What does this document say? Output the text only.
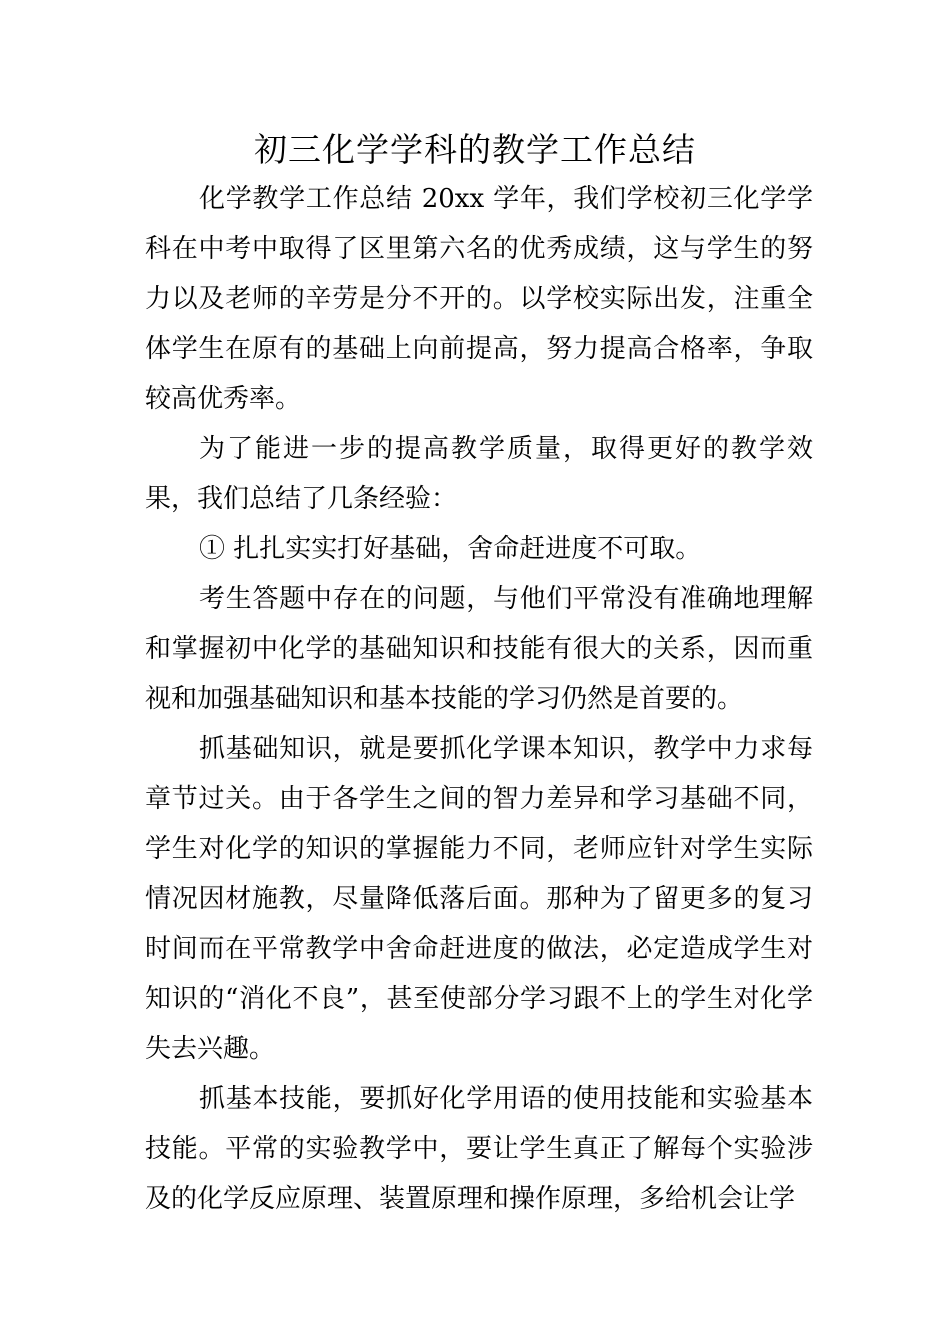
初三化学学科的教学工作总结

化学教学工作总结 20xx 学年，我们学校初三化学学科在中考中取得了区里第六名的优秀成绩，这与学生的努力以及老师的辛劳是分不开的。以学校实际出发，注重全体学生在原有的基础上向前提高，努力提高合格率，争取较高优秀率。

为了能进一步的提高教学质量，取得更好的教学效果，我们总结了几条经验：

① 扎扎实实打好基础，舍命赶进度不可取。

考生答题中存在的问题，与他们平常没有准确地理解和掌握初中化学的基础知识和技能有很大的关系，因而重视和加强基础知识和基本技能的学习仍然是首要的。

抓基础知识，就是要抓化学课本知识，教学中力求每章节过关。由于各学生之间的智力差异和学习基础不同，学生对化学的知识的掌握能力不同，老师应针对学生实际情况因材施教，尽量降低落后面。那种为了留更多的复习时间而在平常教学中舍命赶进度的做法，必定造成学生对知识的“消化不良”，甚至使部分学习跟不上的学生对化学失去兴趣。

抓基本技能，要抓好化学用语的使用技能和实验基本技能。平常的实验教学中，要让学生真正了解每个实验涉及的化学反应原理、装置原理和操作原理，多给机会让学
